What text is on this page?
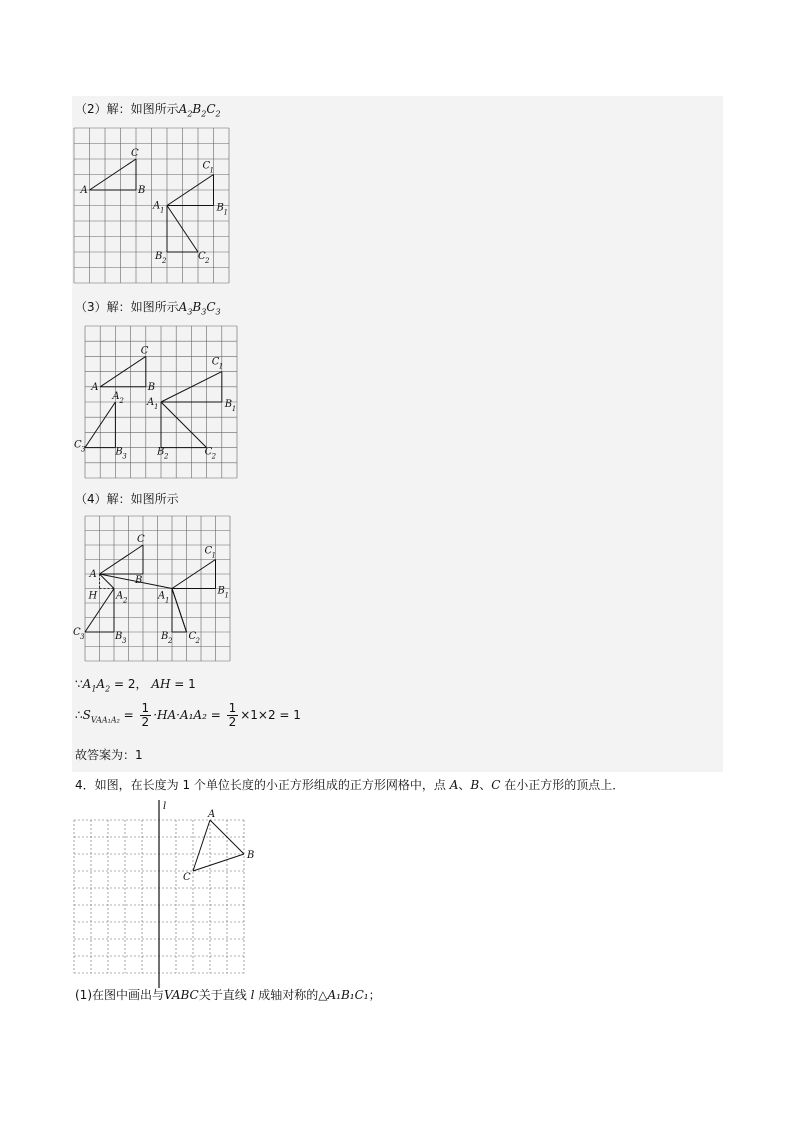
（2）解：如图所示$A_2B_2C_2$
A	B
C
A 1	B 1
C 1
B 2	C 2
（3）解：如图所示$A_3B_3C_3$
A	B
C
A 2 A 1	B 1
C 1
B 2	C 2
B 3
C 3
（4）解：如图所示
A
B
C
H A 2	A 1
B 1
C 1
B 2 C 2
B 3
C 3
$\because A_1A_2 = 2$， AH = 1
$\therefore S_{VAA_1A_2} = \frac{1}{2} \cdot HA\cdot A_1A_2 = \frac{1}{2} \times 1\times 2 = 1$
故答案为：1
4．如图，在长度为 1 个单位长度的小正方形组成的正方形网格中，点 A、B、C 在小正方形的顶点上．
l
A
B
C
(1)在图中画出与VABC关于直线 l 成轴对称的△A₁B₁C₁；
